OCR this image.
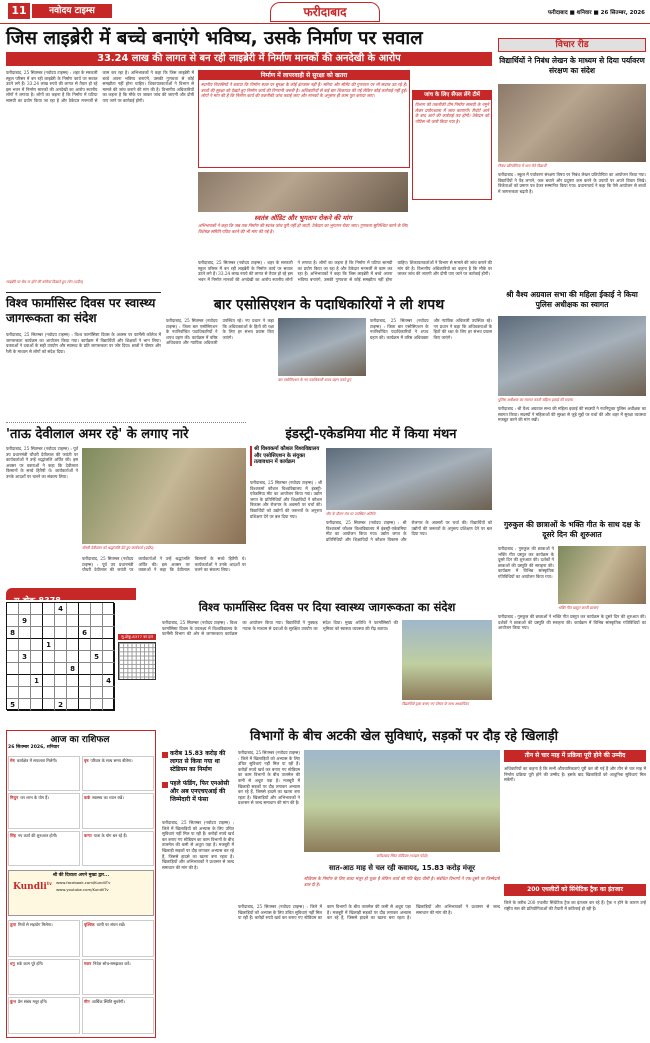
11	नवोदय टाइम्स	फरीदाबाद	फरीदाबाद ■ शनिवार ■ 26 सितम्बर, 2026
जिस लाइब्रेरी में बच्चे बनाएंगे भविष्य, उसके निर्माण पर सवाल
33.24 लाख की लागत से बन रही लाइब्रेरी में निर्माण मानकों की अनदेखी के आरोप
फरीदाबाद, 25 सितम्बर (नवोदय टाइम्स) : शहर के सरकारी स्कूल परिसर में बन रही लाइब्रेरी के निर्माण कार्य पर सवाल उठने लगे हैं। 33.24 लाख रुपये की लागत से तैयार हो रहे इस भवन में निर्माण मानकों की अनदेखी का आरोप स्थानीय लोगों ने लगाया है। लोगों का कहना है कि निर्माण में घटिया सामग्री का प्रयोग किया जा रहा है और ठेकेदार मनमर्जी से काम कर रहा है। अभिभावकों ने कहा कि जिस लाइब्रेरी में बच्चे अपना भविष्य बनाएंगे, उसकी गुणवत्ता से कोई समझौता नहीं होना चाहिए। शिकायतकर्ताओं ने विभाग से मामले की जांच कराने की मांग की है। विभागीय अधिकारियों का कहना है कि मौके पर जाकर जांच की जाएगी और दोषी पाए जाने पर कार्रवाई होगी।
निर्माण में लापरवाही से सुरक्षा को खतरा
स्थानीय निवासियों ने बताया कि निर्माण स्थल पर सुरक्षा के कोई इंतजाम नहीं हैं। सरिया और सीमेंट की गुणवत्ता पर भी सवाल उठ रहे हैं। बच्चों की सुरक्षा को देखते हुए निर्माण कार्य की निगरानी जरूरी है। अधिकारियों से कई बार शिकायत की गई लेकिन कोई कार्रवाई नहीं हुई। लोगों ने मांग की है कि निर्माण कार्य की तकनीकी जांच कराई जाए और मानकों के अनुसार ही काम पूरा कराया जाए।	जांच के लिए सैंपल लेंगे टीमें
विभाग की तकनीकी टीम निर्माण सामग्री के नमूने लेकर प्रयोगशाला में जांच कराएगी। रिपोर्ट आने के बाद आगे की कार्रवाई तय होगी। ठेकेदार को नोटिस भी जारी किया गया है।
स्वतंत्र ऑडिट और भुगतान रोकने की मांग
अभिभावकों ने कहा कि जब तक निर्माण की स्वतंत्र जांच पूरी नहीं हो जाती, ठेकेदार का भुगतान रोका जाए। गुणवत्ता सुनिश्चित करने के लिए विशेषज्ञ समिति गठित करने की भी मांग की गई है।
फरीदाबाद, 25 सितम्बर (नवोदय टाइम्स) : शहर के सरकारी स्कूल परिसर में बन रही लाइब्रेरी के निर्माण कार्य पर सवाल उठने लगे हैं। 33.24 लाख रुपये की लागत से तैयार हो रहे इस भवन में निर्माण मानकों की अनदेखी का आरोप स्थानीय लोगों ने लगाया है। लोगों का कहना है कि निर्माण में घटिया सामग्री का प्रयोग किया जा रहा है और ठेकेदार मनमर्जी से काम कर रहा है। अभिभावकों ने कहा कि जिस लाइब्रेरी में बच्चे अपना भविष्य बनाएंगे, उसकी गुणवत्ता से कोई समझौता नहीं होना चाहिए। शिकायतकर्ताओं ने विभाग से मामले की जांच कराने की मांग की है। विभागीय अधिकारियों का कहना है कि मौके पर जाकर जांच की जाएगी और दोषी पाए जाने पर कार्रवाई होगी।
लाइब्रेरी पर सेंध ना होने की कमियां दिखाते हुए लोग (प्रदीप)
विश्व फार्मासिस्ट दिवस पर स्वास्थ्य जागरूकता का संदेश
फरीदाबाद, 25 सितम्बर (नवोदय टाइम्स) : विश्व फार्मासिस्ट दिवस के अवसर पर फार्मेसी कॉलेज में जागरूकता कार्यक्रम का आयोजन किया गया। कार्यक्रम में विद्यार्थियों और शिक्षकों ने भाग लिया। वक्ताओं ने दवाओं के सही उपयोग और स्वास्थ्य के प्रति जागरूकता पर जोर दिया। छात्रों ने पोस्टर और रैली के माध्यम से लोगों को संदेश दिया।
बार एसोसिएशन के पदाधिकारियों ने ली शपथ
फरीदाबाद, 25 सितम्बर (नवोदय टाइम्स) : जिला बार एसोसिएशन के नवनिर्वाचित पदाधिकारियों ने शपथ ग्रहण की। कार्यक्रम में वरिष्ठ अधिवक्ता और न्यायिक अधिकारी उपस्थित रहे। नए प्रधान ने कहा कि अधिवक्ताओं के हितों की रक्षा के लिए हर संभव प्रयास किए जाएंगे।
बार एसोसिएशन के नए पदाधिकारी शपथ ग्रहण करते हुए
फरीदाबाद, 25 सितम्बर (नवोदय टाइम्स) : जिला बार एसोसिएशन के नवनिर्वाचित पदाधिकारियों ने शपथ ग्रहण की। कार्यक्रम में वरिष्ठ अधिवक्ता और न्यायिक अधिकारी उपस्थित रहे। नए प्रधान ने कहा कि अधिवक्ताओं के हितों की रक्षा के लिए हर संभव प्रयास किए जाएंगे।
'ताऊ देवीलाल अमर रहे' के लगाए नारे
फरीदाबाद, 25 सितम्बर (नवोदय टाइम्स) : पूर्व उप प्रधानमंत्री चौधरी देवीलाल की जयंती पर कार्यकर्ताओं ने उन्हें श्रद्धांजलि अर्पित की। इस अवसर पर वक्ताओं ने कहा कि देवीलाल किसानों के सच्चे हितैषी थे। कार्यकर्ताओं ने उनके आदर्शों पर चलने का संकल्प लिया।
चौधरी देवीलाल को श्रद्धांजलि देते हुए कार्यकर्ता (प्रदीप)
फरीदाबाद, 25 सितम्बर (नवोदय टाइम्स) : पूर्व उप प्रधानमंत्री चौधरी देवीलाल की जयंती पर कार्यकर्ताओं ने उन्हें श्रद्धांजलि अर्पित की। इस अवसर पर वक्ताओं ने कहा कि देवीलाल किसानों के सच्चे हितैषी थे। कार्यकर्ताओं ने उनके आदर्शों पर चलने का संकल्प लिया।
इंडस्ट्री-एकेडमिया मीट में किया मंथन
श्री विश्वकर्मा कौशल विश्वविद्यालय और एसोसिएशन के संयुक्त तत्वावधान में कार्यक्रम
फरीदाबाद, 25 सितम्बर (नवोदय टाइम्स) : श्री विश्वकर्मा कौशल विश्वविद्यालय में इंडस्ट्री-एकेडमिया मीट का आयोजन किया गया। उद्योग जगत के प्रतिनिधियों और शिक्षाविदों ने कौशल विकास और रोजगार के अवसरों पर चर्चा की। विद्यार्थियों को उद्योगों की जरूरतों के अनुरूप प्रशिक्षण देने पर बल दिया गया।	मीट के दौरान मंच पर उपस्थित अतिथि
फरीदाबाद, 25 सितम्बर (नवोदय टाइम्स) : श्री विश्वकर्मा कौशल विश्वविद्यालय में इंडस्ट्री-एकेडमिया मीट का आयोजन किया गया। उद्योग जगत के प्रतिनिधियों और शिक्षाविदों ने कौशल विकास और रोजगार के अवसरों पर चर्चा की। विद्यार्थियों को उद्योगों की जरूरतों के अनुरूप प्रशिक्षण देने पर बल दिया गया।
सु-डोकू-8378
4
9
8	6
1
3	5
8
1	4
5	2
सु-डोकू-8377 का हल
विश्व फार्मासिस्ट दिवस पर दिया स्वास्थ्य जागरूकता का संदेश
फरीदाबाद, 25 सितम्बर (नवोदय टाइम्स) : विश्व फार्मासिस्ट दिवस के उपलक्ष्य में विश्वविद्यालय के फार्मेसी विभाग की ओर से जागरूकता कार्यक्रम का आयोजन किया गया। विद्यार्थियों ने नुक्कड़ नाटक के माध्यम से दवाओं के सुरक्षित उपयोग का संदेश दिया। मुख्य अतिथि ने फार्मासिस्टों की भूमिका को स्वास्थ्य व्यवस्था की रीढ़ बताया।
विद्यार्थियों द्वारा बनाए गए पोस्टर के साथ अध्यापिका
विचार रीड
विद्यार्थियों ने निबंध लेखन के माध्यम से दिया पर्यावरण संरक्षण का संदेश
निबंध प्रतियोगिता में भाग लेते विद्यार्थी
फरीदाबाद : स्कूल में पर्यावरण संरक्षण विषय पर निबंध लेखन प्रतियोगिता का आयोजन किया गया। विद्यार्थियों ने पेड़ लगाने, जल बचाने और प्रदूषण कम करने के उपायों पर अपने विचार लिखे। विजेताओं को प्रमाण पत्र देकर सम्मानित किया गया। प्रधानाचार्य ने कहा कि ऐसे आयोजन से बच्चों में जागरूकता बढ़ती है।
श्री वैश्य अग्रवाल सभा की महिला ईकाई ने किया पुलिस अधीक्षक का स्वागत
पुलिस अधीक्षक का स्वागत करती महिला इकाई की सदस्य
फरीदाबाद : श्री वैश्य अग्रवाल सभा की महिला इकाई की सदस्यों ने नवनियुक्त पुलिस अधीक्षक का स्वागत किया। सदस्यों ने महिलाओं की सुरक्षा से जुड़े मुद्दों पर चर्चा की और शहर में सुरक्षा व्यवस्था मजबूत करने की मांग रखी।
गुरुकुल की छात्राओं के भक्ति गीत के साथ दक्ष के दूसरे दिन की शुरुआत
फरीदाबाद : गुरुकुल की छात्राओं ने भक्ति गीत प्रस्तुत कर कार्यक्रम के दूसरे दिन की शुरुआत की। दर्शकों ने छात्राओं की प्रस्तुति की सराहना की। कार्यक्रम में विभिन्न सांस्कृतिक गतिविधियों का आयोजन किया गया।
भक्ति गीत प्रस्तुत करती छात्राएं
फरीदाबाद : गुरुकुल की छात्राओं ने भक्ति गीत प्रस्तुत कर कार्यक्रम के दूसरे दिन की शुरुआत की। दर्शकों ने छात्राओं की प्रस्तुति की सराहना की। कार्यक्रम में विभिन्न सांस्कृतिक गतिविधियों का आयोजन किया गया।
आज का राशिफल
26 सितम्बर 2026, शनिवार
मेष कार्यक्षेत्र में सफलता मिलेगी।	वृष परिवार के साथ समय बीतेगा।
मिथुन धन लाभ के योग हैं।	कर्क स्वास्थ्य का ध्यान रखें।
सिंह नए कार्य की शुरुआत होगी।	कन्या यात्रा के योग बन रहे हैं।
श्री की दिव्यता अपने मुख्य द्वार...
Kundli$^{tv}$ www.facebook.com/KundliTv
www.youtube.com/KundliTv
तुला मित्रों से सहयोग मिलेगा।	वृश्चिक वाणी पर संयम रखें।
धनु रुके काम पूरे होंगे।	मकर निवेश सोच-समझकर करें।
कुंभ प्रेम संबंध मधुर होंगे।	मीन आर्थिक स्थिति सुधरेगी।
विभागों के बीच अटकी खेल सुविधाएं, सड़कों पर दौड़ रहे खिलाड़ी
करीब 15.83 करोड़ की लागत से किया गया था स्टेडियम का निर्माण
पहले फंडिंग, फिर एनओसी और अब एनएचएआई की जिम्मेदारी में फंसा
फरीदाबाद, 25 सितम्बर (नवोदय टाइम्स) : जिले में खिलाड़ियों को अभ्यास के लिए उचित सुविधाएं नहीं मिल पा रही हैं। करोड़ों रुपये खर्च कर बनाए गए स्टेडियम का काम विभागों के बीच तालमेल की कमी से अधूरा पड़ा है। मजबूरी में खिलाड़ी सड़कों पर दौड़ लगाकर अभ्यास कर रहे हैं, जिससे हादसे का खतरा बना रहता है। खिलाड़ियों और अभिभावकों ने प्रशासन से जल्द समाधान की मांग की है।
फरीदाबाद स्थित स्टेडियम (फाइल फोटो)
सात-आठ माह से चल रही कवायद, 15.83 करोड़ मंजूर
स्टेडियम के निर्माण के लिए बजट मंजूर हो चुका है लेकिन कार्य की गति बेहद धीमी है। संबंधित विभागों ने एक-दूसरे पर जिम्मेदारी डाल दी है।
फरीदाबाद, 25 सितम्बर (नवोदय टाइम्स) : जिले में खिलाड़ियों को अभ्यास के लिए उचित सुविधाएं नहीं मिल पा रही हैं। करोड़ों रुपये खर्च कर बनाए गए स्टेडियम का काम विभागों के बीच तालमेल की कमी से अधूरा पड़ा है। मजबूरी में खिलाड़ी सड़कों पर दौड़ लगाकर अभ्यास कर रहे हैं, जिससे हादसे का खतरा बना रहता है। खिलाड़ियों और अभिभावकों ने प्रशासन से जल्द समाधान की मांग की है।
फरीदाबाद, 25 सितम्बर (नवोदय टाइम्स) : जिले में खिलाड़ियों को अभ्यास के लिए उचित सुविधाएं नहीं मिल पा रही हैं। करोड़ों रुपये खर्च कर बनाए गए स्टेडियम का काम विभागों के बीच तालमेल की कमी से अधूरा पड़ा है। मजबूरी में खिलाड़ी सड़कों पर दौड़ लगाकर अभ्यास कर रहे हैं, जिससे हादसे का खतरा बना रहता है। खिलाड़ियों और अभिभावकों ने प्रशासन से जल्द समाधान की मांग की है।
तीन से चार माह में प्रक्रिया पूरी होने की उम्मीद
अधिकारियों का कहना है कि सभी औपचारिकताएं पूरी कर ली गई हैं और तीन से चार माह में निर्माण प्रक्रिया पूरी होने की उम्मीद है। इसके बाद खिलाड़ियों को आधुनिक सुविधाएं मिल सकेंगी।
200 एथलीटों को सिंथेटिक ट्रैक का इंतजार
जिले के करीब 200 एथलीट सिंथेटिक ट्रैक का इंतजार कर रहे हैं। ट्रैक न होने के कारण उन्हें राष्ट्रीय स्तर की प्रतियोगिताओं की तैयारी में कठिनाई हो रही है।
